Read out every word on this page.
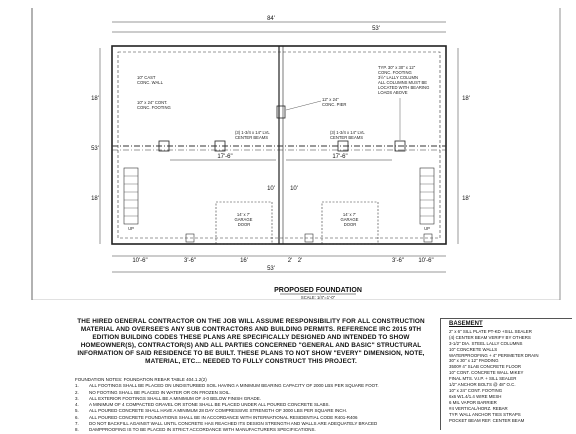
84'
53'
18'
53'
18'
18'
18'
17'-6"	17'-6"
10'	10'
UP	UP
14' x 7' GARAGE DOOR
14' x 7' GARAGE DOOR
10" CAST CONC. WALL
10" x 24" CONT. CONC. FOOTING
12" x 24" CONC. PIER
TYP. 30" x 30" x 12" CONC. FOOTING 3½" LALLY COLUMN ALL COLUMNS MUST BE LOCATED WITH BEARING LOADS ABOVE
(3) 1-3/4 x 14" LVL CENTER BEAMS
(3) 1-3/4 x 14" LVL CENTER BEAMS
10'-6"	3'-6"	16'	2' 2'	3'-6" 10'-6"
53'
PROPOSED FOUNDATION
SCALE: 1/4"=1'-0"
THE HIRED GENERAL CONTRACTOR ON THE JOB WILL ASSUME RESPONSIBILITY FOR ALL CONSTRUCTION MATERIAL AND OVERSEE'S ANY SUB CONTRACTORS AND BUILDING PERMITS. REFERENCE IRC 2015 9TH EDITION BUILDING CODES THESE PLANS ARE SPECIFICALLY DESIGNED AND INTENDED TO SHOW HOMEOWNER(S), CONTRACTOR(S) AND ALL PARTIES CONCERNED "GENERAL AND BASIC" STRUCTURAL INFORMATION OF SAID RESIDENCE TO BE BUILT. THESE PLANS TO NOT SHOW "EVERY" DIMENSION, NOTE, MATERIAL, ETC... NEEDED TO FULLY CONSTRUCT THIS PROJECT.
FOUNDATION NOTES: FOUNDATION REBAR TABLE 404.1.2(2)
1. ALL FOOTINGS SHALL BE PLACED ON UNDISTURBED SOIL HAVING A MINIMUM BEARING CAPACITY OF 2000 LBS PER SQUARE FOOT.
2. NO FOOTING SHALL BE PLACED IN WATER OR ON FROZEN SOIL.
3. ALL EXTERIOR FOOTINGS SHALL BE A MINIMUM OF 4-0 BELOW FINISH GRADE.
4. A MINIMUM OF 4 COMPACTED GRAVEL OR STONE SHALL BE PLACED UNDER ALL POURED CONCRETE SLABS.
5. ALL POURED CONCRETE SHALL HAVE A MINIMUM 28 DAY COMPRESSIVE STRENGTH OF 3000 LBS PER SQUARE INCH.
6. ALL POURED CONCRETE FOUNDATIONS SHALL BE IN ACCORDANCE WITH INTERNATIONAL RESIDENTIAL CODE R401-R406
7. DO NOT BACKFILL AGAINST WALL UNTIL CONCRETE HAS REACHED ITS DESIGN STRENGTH AND WALLS ARE ADEQUATELY BRACED
8. DAMPPROOFING IS TO BE PLACED IN STRICT ACCORDANCE WITH MANUFACTURERS SPECIFICATIONS.
BASEMENT
2" x 6" SILL PLATE PT-KD +SILL SEALER
(4) CENTER BEAM VERIFY BY OTHERS
3-1/2" DIA. STEEL LALLY COLUMNS
10" CONCRETE WALLS
WATERPROOFING + 4" PERIMETER DRAIN
30" x 30" x 12" PADDING
3500# 4" SLAB CONCRETE FLOOR
10" CONT. CONCRETE WALL MIKEY
FINAL MTS. V.I.P. + SILL SEALER
1/2" ANCHOR BOLTS @ 48" O.C.
10" x 24" CONT. FOOTING
6x6 W1.4/1.4 WIRE MESH
6 MIL VAPOR BARRIER
#4 VERTICAL/HORZ. REBAR
TYP. WALL ANCHOR TIES STRAPS
POCKET BEAM REF. CENTER BEAM
